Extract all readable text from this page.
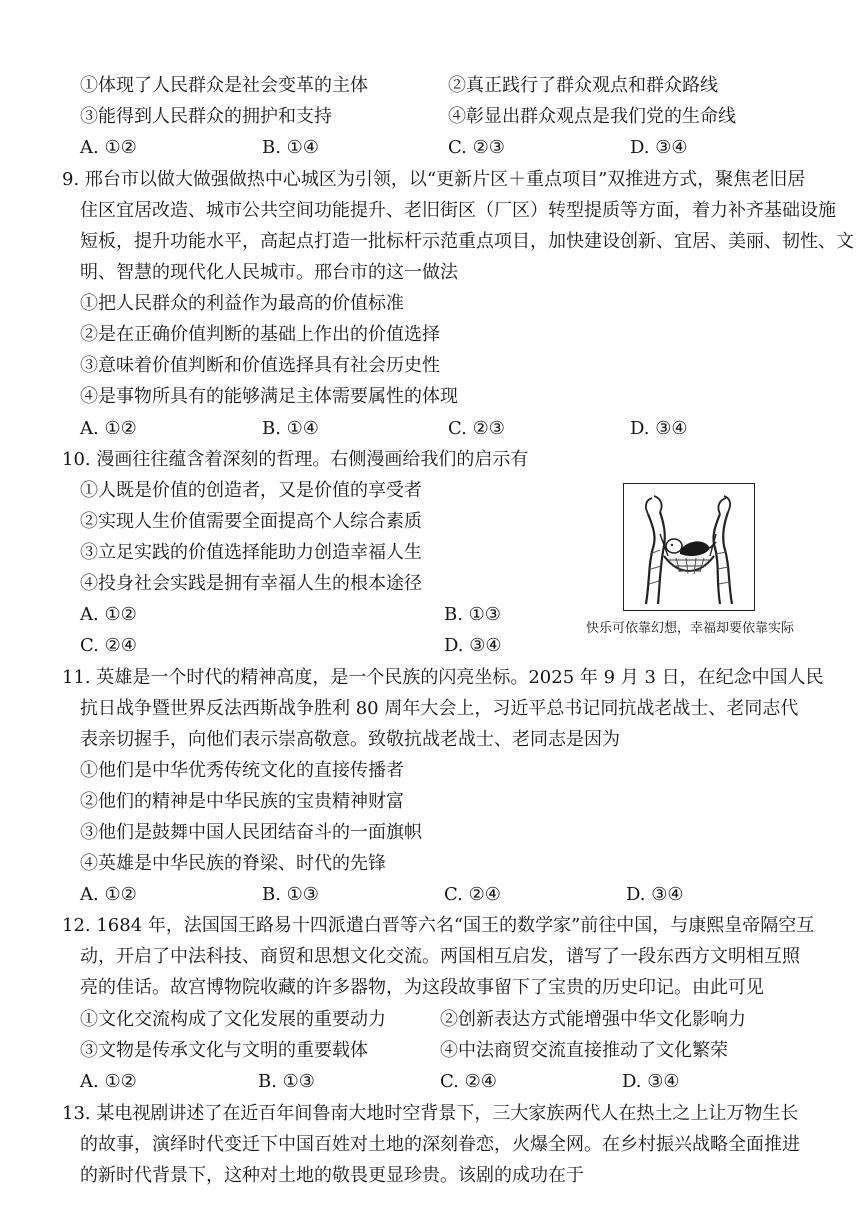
①体现了人民群众是社会变革的主体	②真正践行了群众观点和群众路线
③能得到人民群众的拥护和支持	④彰显出群众观点是我们党的生命线
A. ①②	B. ①④	C. ②③	D. ③④
9. 邢台市以做大做强做热中心城区为引领，以“更新片区＋重点项目”双推进方式，聚焦老旧居
住区宜居改造、城市公共空间功能提升、老旧街区（厂区）转型提质等方面，着力补齐基础设施
短板，提升功能水平，高起点打造一批标杆示范重点项目，加快建设创新、宜居、美丽、韧性、文
明、智慧的现代化人民城市。邢台市的这一做法
①把人民群众的利益作为最高的价值标准
②是在正确价值判断的基础上作出的价值选择
③意味着价值判断和价值选择具有社会历史性
④是事物所具有的能够满足主体需要属性的体现
A. ①②	B. ①④	C. ②③	D. ③④
10. 漫画往往蕴含着深刻的哲理。右侧漫画给我们的启示有
①人既是价值的创造者，又是价值的享受者
②实现人生价值需要全面提高个人综合素质
③立足实践的价值选择能助力创造幸福人生
④投身社会实践是拥有幸福人生的根本途径
A. ①②	B. ①③
C. ②④	D. ③④
快乐可依靠幻想，幸福却要依靠实际
11. 英雄是一个时代的精神高度，是一个民族的闪亮坐标。2025 年 9 月 3 日，在纪念中国人民
抗日战争暨世界反法西斯战争胜利 80 周年大会上，习近平总书记同抗战老战士、老同志代
表亲切握手，向他们表示崇高敬意。致敬抗战老战士、老同志是因为
①他们是中华优秀传统文化的直接传播者
②他们的精神是中华民族的宝贵精神财富
③他们是鼓舞中国人民团结奋斗的一面旗帜
④英雄是中华民族的脊梁、时代的先锋
A. ①②	B. ①③	C. ②④	D. ③④
12. 1684 年，法国国王路易十四派遣白晋等六名“国王的数学家”前往中国，与康熙皇帝隔空互
动，开启了中法科技、商贸和思想文化交流。两国相互启发，谱写了一段东西方文明相互照
亮的佳话。故宫博物院收藏的许多器物，为这段故事留下了宝贵的历史印记。由此可见
①文化交流构成了文化发展的重要动力	②创新表达方式能增强中华文化影响力
③文物是传承文化与文明的重要载体	④中法商贸交流直接推动了文化繁荣
A. ①②	B. ①③	C. ②④	D. ③④
13. 某电视剧讲述了在近百年间鲁南大地时空背景下，三大家族两代人在热土之上让万物生长
的故事，演绎时代变迁下中国百姓对土地的深刻眷恋，火爆全网。在乡村振兴战略全面推进
的新时代背景下，这种对土地的敬畏更显珍贵。该剧的成功在于
